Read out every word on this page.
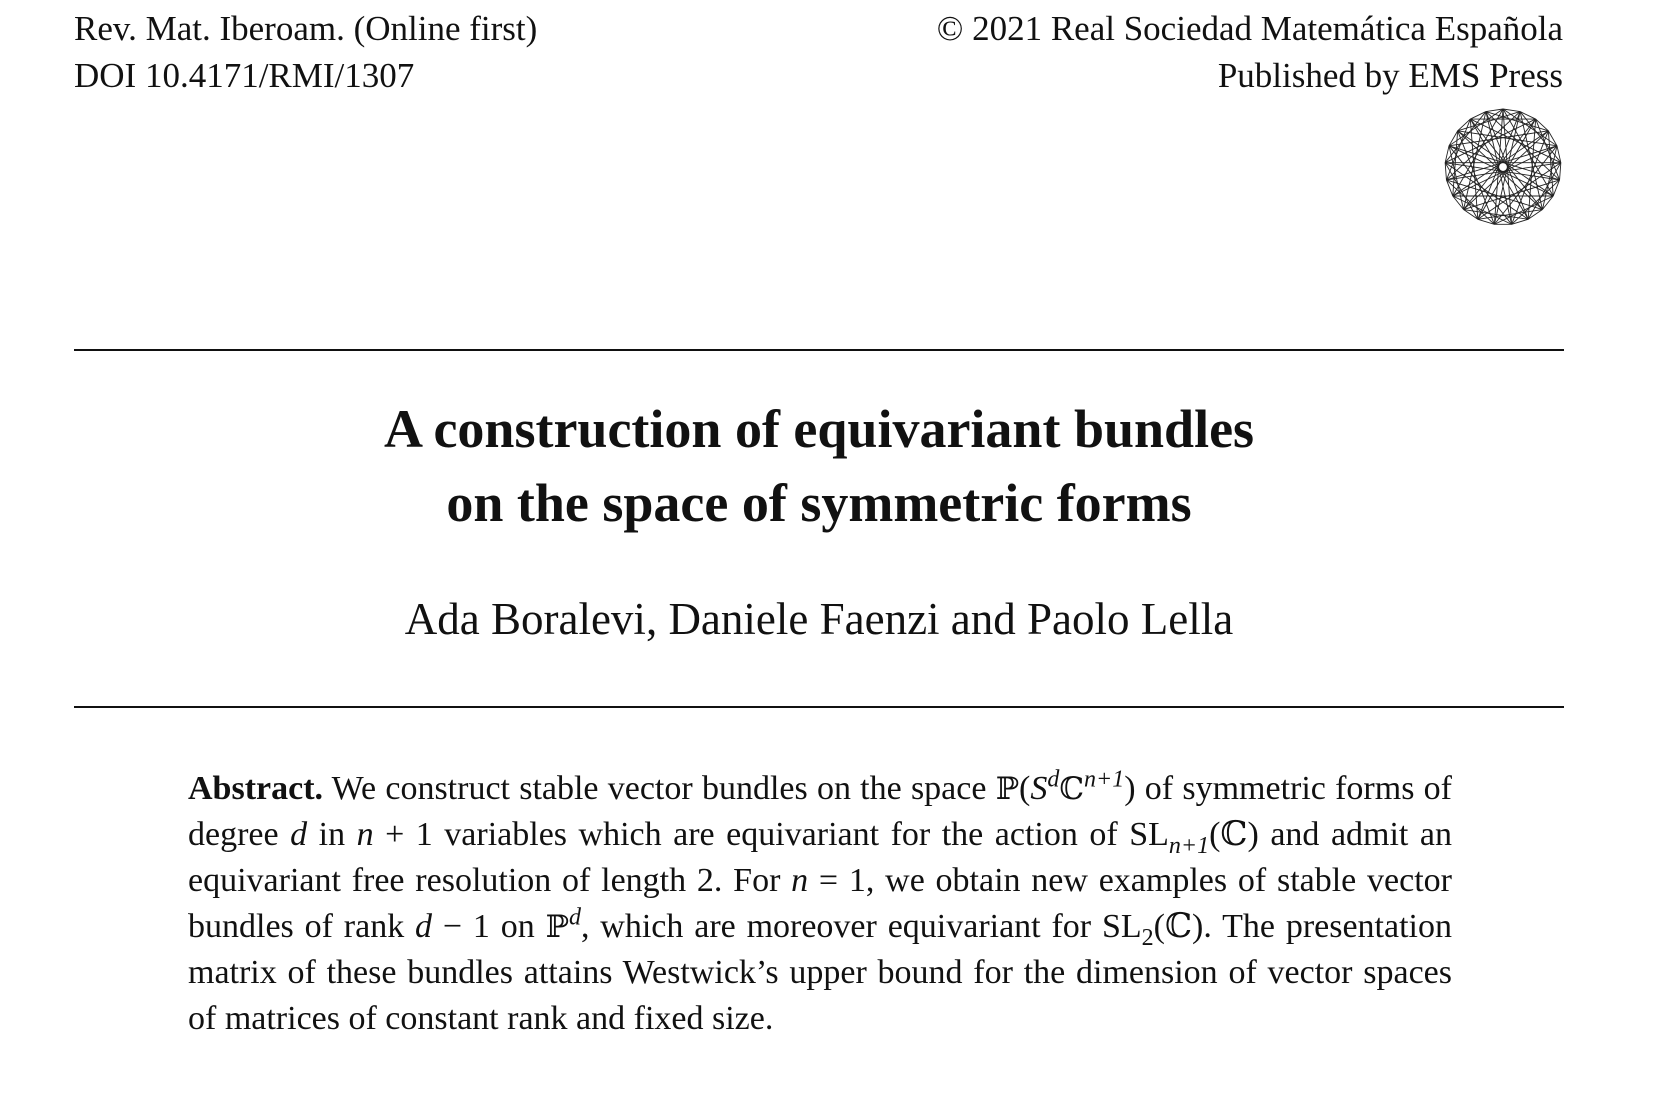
Rev. Mat. Iberoam. (Online first)
DOI 10.4171/RMI/1307
© 2021 Real Sociedad Matemática Española
Published by EMS Press
A construction of equivariant bundles
on the space of symmetric forms
Ada Boralevi, Daniele Faenzi and Paolo Lella
Abstract. We construct stable vector bundles on the space $ℙ(S^dℂ^{n+1})$ of symmetric forms of degree d in n + 1 variables which are equivariant for the action of $SL_{n+1}(ℂ)$ and admit an equivariant free resolution of length 2. For n = 1, we obtain new examples of stable vector bundles of rank d − 1 on ℙ$^d$, which are moreover equivariant for $SL_2(ℂ)$. The presentation matrix of these bundles attains Westwick’s upper bound for the dimension of vector spaces of matrices of constant rank and fixed size.
